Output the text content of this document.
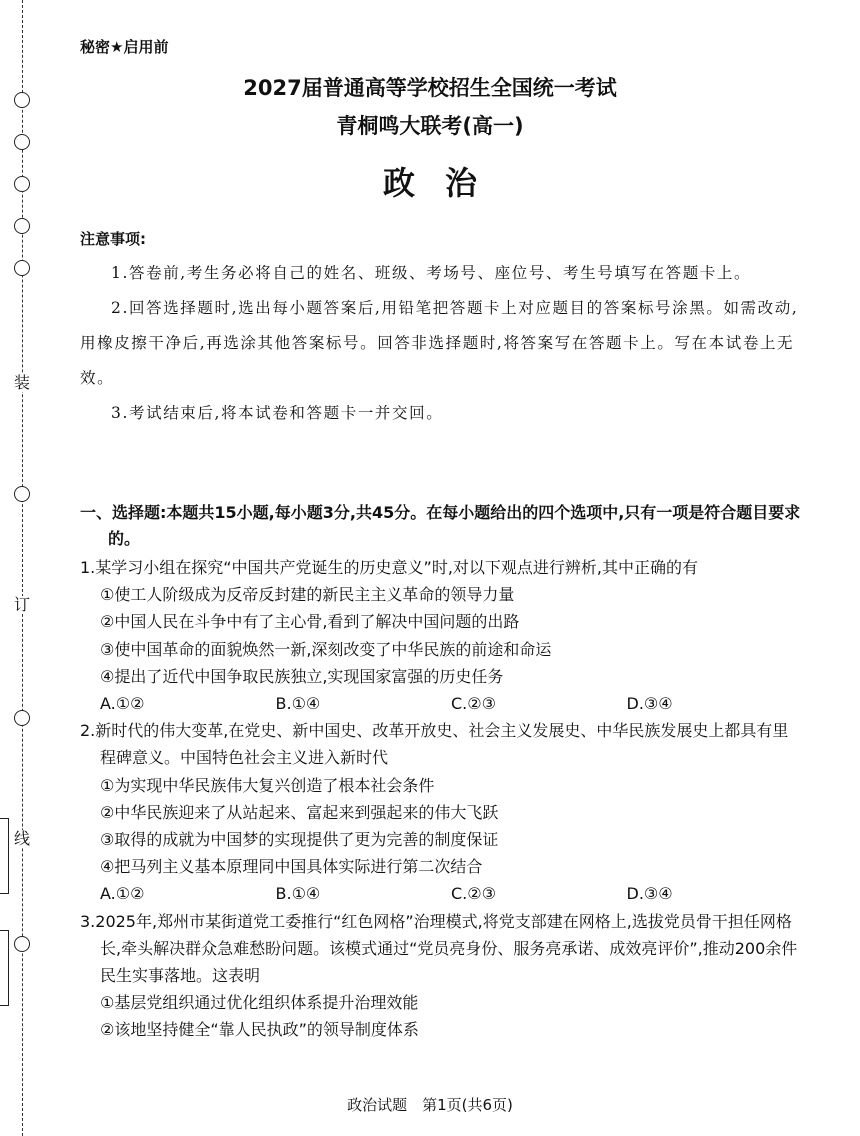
装
订
线
秘密★启用前
2027届普通高等学校招生全国统一考试
青桐鸣大联考(高一)
政治
注意事项:

1.答卷前,考生务必将自己的姓名、班级、考场号、座位号、考生号填写在答题卡上。

2.回答选择题时,选出每小题答案后,用铅笔把答题卡上对应题目的答案标号涂黑。如需改动,用橡皮擦干净后,再选涂其他答案标号。回答非选择题时,将答案写在答题卡上。写在本试卷上无效。

3.考试结束后,将本试卷和答题卡一并交回。

一、选择题:本题共15小题,每小题3分,共45分。在每小题给出的四个选项中,只有一项是符合题目要求的。

1.某学习小组在探究“中国共产党诞生的历史意义”时,对以下观点进行辨析,其中正确的有

①使工人阶级成为反帝反封建的新民主主义革命的领导力量

②中国人民在斗争中有了主心骨,看到了解决中国问题的出路

③使中国革命的面貌焕然一新,深刻改变了中华民族的前途和命运

④提出了近代中国争取民族独立,实现国家富强的历史任务

A.①②	B.①④	C.②③	D.③④

2.新时代的伟大变革,在党史、新中国史、改革开放史、社会主义发展史、中华民族发展史上都具有里程碑意义。中国特色社会主义进入新时代

①为实现中华民族伟大复兴创造了根本社会条件

②中华民族迎来了从站起来、富起来到强起来的伟大飞跃

③取得的成就为中国梦的实现提供了更为完善的制度保证

④把马列主义基本原理同中国具体实际进行第二次结合

A.①②	B.①④	C.②③	D.③④

3.2025年,郑州市某街道党工委推行“红色网格”治理模式,将党支部建在网格上,选拔党员骨干担任网格长,牵头解决群众急难愁盼问题。该模式通过“党员亮身份、服务亮承诺、成效亮评价”,推动200余件民生实事落地。这表明

①基层党组织通过优化组织体系提升治理效能

②该地坚持健全“靠人民执政”的领导制度体系

政治试题　第1页(共6页)
